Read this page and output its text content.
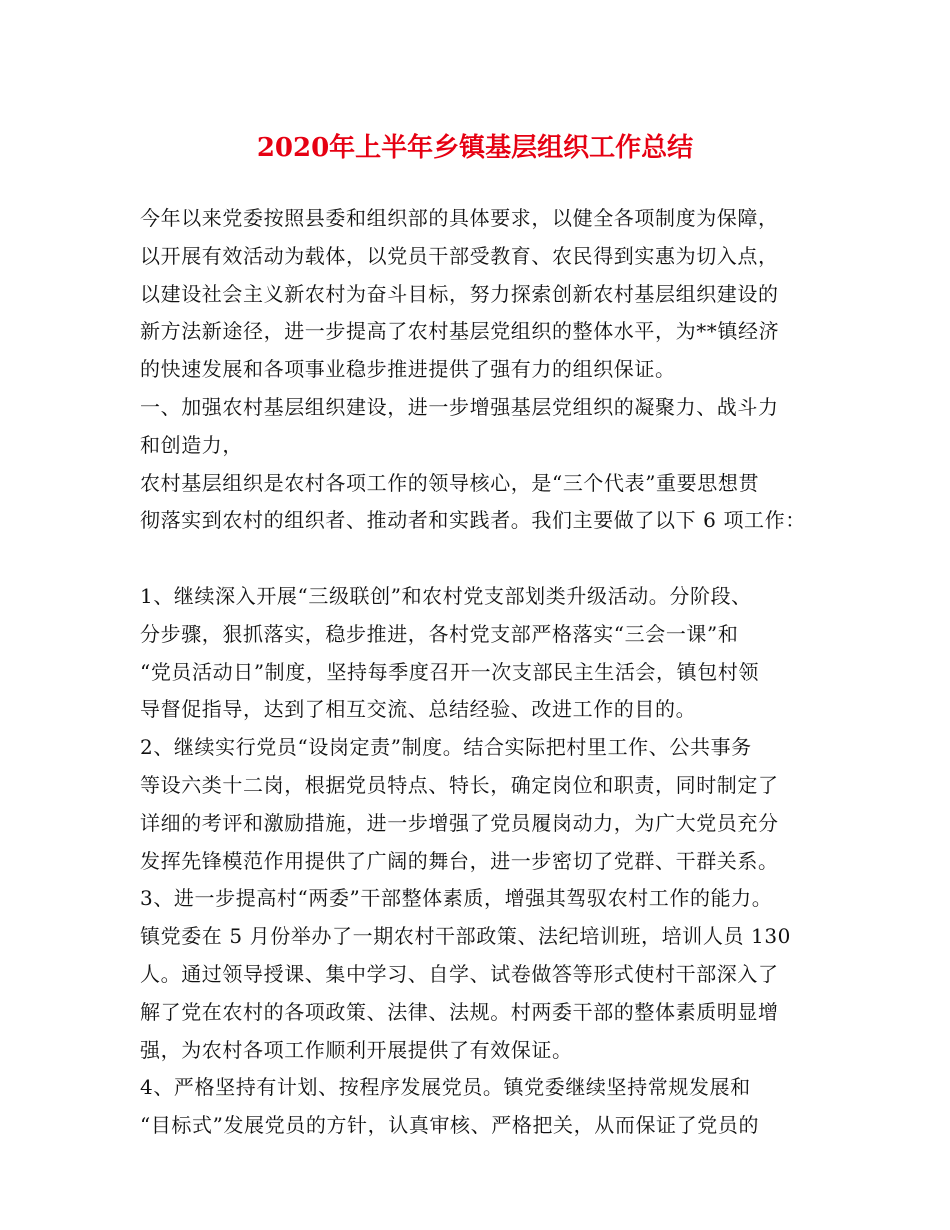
2020年上半年乡镇基层组织工作总结
今年以来党委按照县委和组织部的具体要求，以健全各项制度为保障，
以开展有效活动为载体，以党员干部受教育、农民得到实惠为切入点，
以建设社会主义新农村为奋斗目标，努力探索创新农村基层组织建设的
新方法新途径，进一步提高了农村基层党组织的整体水平，为**镇经济
的快速发展和各项事业稳步推进提供了强有力的组织保证。
一、加强农村基层组织建设，进一步增强基层党组织的凝聚力、战斗力
和创造力，
农村基层组织是农村各项工作的领导核心，是“三个代表”重要思想贯
彻落实到农村的组织者、推动者和实践者。我们主要做了以下 6 项工作：
1、继续深入开展“三级联创”和农村党支部划类升级活动。分阶段、
分步骤，狠抓落实，稳步推进，各村党支部严格落实“三会一课”和
“党员活动日”制度，坚持每季度召开一次支部民主生活会，镇包村领
导督促指导，达到了相互交流、总结经验、改进工作的目的。
2、继续实行党员“设岗定责”制度。结合实际把村里工作、公共事务
等设六类十二岗，根据党员特点、特长，确定岗位和职责，同时制定了
详细的考评和激励措施，进一步增强了党员履岗动力，为广大党员充分
发挥先锋模范作用提供了广阔的舞台，进一步密切了党群、干群关系。
3、进一步提高村“两委”干部整体素质，增强其驾驭农村工作的能力。
镇党委在 5 月份举办了一期农村干部政策、法纪培训班，培训人员 130
人。通过领导授课、集中学习、自学、试卷做答等形式使村干部深入了
解了党在农村的各项政策、法律、法规。村两委干部的整体素质明显增
强，为农村各项工作顺利开展提供了有效保证。
4、严格坚持有计划、按程序发展党员。镇党委继续坚持常规发展和
“目标式”发展党员的方针，认真审核、严格把关，从而保证了党员的
